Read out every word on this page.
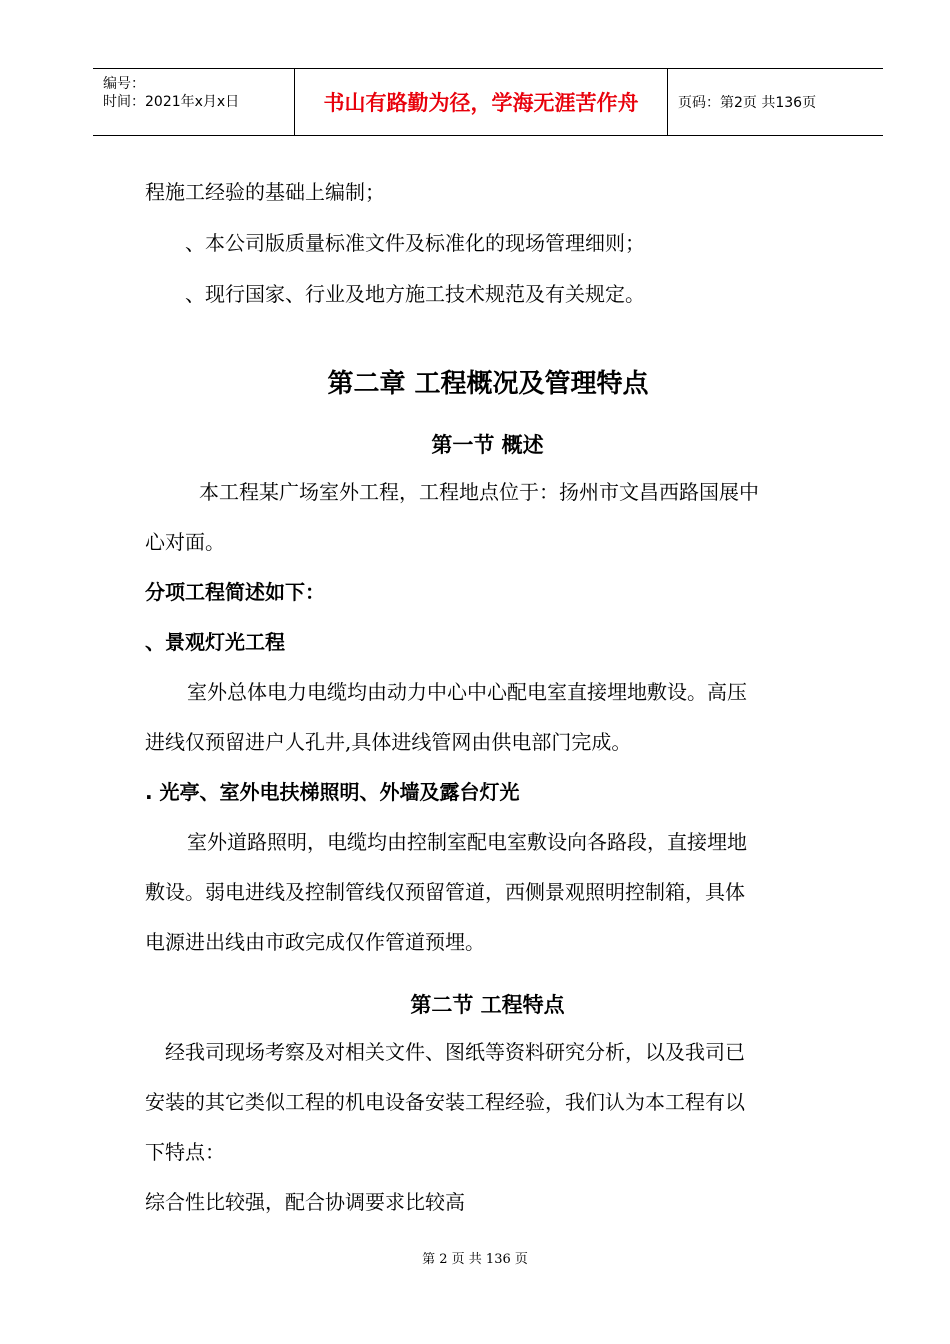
编号：
时间：2021年x月x日	书山有路勤为径，学海无涯苦作舟	页码：第2页 共136页
程施工经验的基础上编制；
、本公司版质量标准文件及标准化的现场管理细则；
、现行国家、行业及地方施工技术规范及有关规定。
第二章 工程概况及管理特点
第一节 概述
本工程某广场室外工程，工程地点位于：扬州市文昌西路国展中
心对面。
分项工程简述如下：
、景观灯光工程
室外总体电力电缆均由动力中心中心配电室直接埋地敷设。高压
进线仅预留进户人孔井,具体进线管网由供电部门完成。
. 光亭、室外电扶梯照明、外墙及露台灯光
室外道路照明，电缆均由控制室配电室敷设向各路段，直接埋地
敷设。弱电进线及控制管线仅预留管道，西侧景观照明控制箱，具体
电源进出线由市政完成仅作管道预埋。
第二节 工程特点
经我司现场考察及对相关文件、图纸等资料研究分析，以及我司已
安装的其它类似工程的机电设备安装工程经验，我们认为本工程有以
下特点：
综合性比较强，配合协调要求比较高
第 2 页 共 136 页
